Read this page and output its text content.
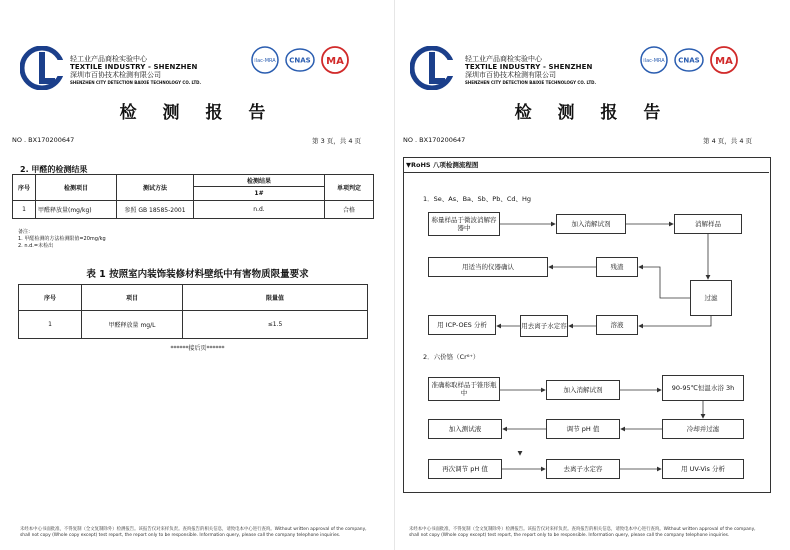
轻工业产品商检实验中心
TEXTILE INDUSTRY - SHENZHEN
深圳市百协技术检测有限公司
SHENZHEN CITY DETECTION BAIXIE TECHNOLOGY CO. LTD.
ilac-MRA CNAS MA
检 测 报 告
NO . BX170200647	第 3 页，共 4 页
2. 甲醛的检测结果
序号	检测项目	测试方法	检测结果	单项判定
			1#	
1	甲醛释放量(mg/kg)	参照 GB 18585-2001	n.d.	合格
备注：
1. 甲醛检测的方法检测限值=20mg/kg
2. n.d.=未检出
表 1 按照室内装饰装修材料壁纸中有害物质限量要求
序号	项目	限量值
1	甲醛释放量 mg/L	≤1.5
******接后页******
未经本中心书面批准，不得复制（全文复制除外）检测报告。该报告仅对来样负责。查询报告的相关信息，请致电本中心进行查询。Without written approval of the company, shall not copy (Whole copy except) test report, the report only to be responsible. Information query, please call the company telephone inquiries.
轻工业产品商检实验中心
TEXTILE INDUSTRY - SHENZHEN
深圳市百协技术检测有限公司
SHENZHEN CITY DETECTION BAIXIE TECHNOLOGY CO. LTD.
ilac-MRA CNAS MA
检 测 报 告
NO . BX170200647	第 4 页，共 4 页
未经本中心书面批准，不得复制（全文复制除外）检测报告。该报告仅对来样负责。查询报告的相关信息，请致电本中心进行查询。Without written approval of the company, shall not copy (Whole copy except) test report, the report only to be responsible. Information query, please call the company telephone inquiries.
▼RoHS 八项检测流程图
1．Se、As、Ba、Sb、Pb、Cd、Hg
称量样品于微波消解容器中	加入消解试剂	消解样品
用适当的仪器确认	残渣
过滤
用 ICP-OES 分析	用去离子水定容	溶液
2．六价铬（Cr⁶⁺）
准确称取样品于锥形瓶中	加入消解试剂	90-95℃恒温水浴 3h
加入测试液	调节 pH 值	冷却并过滤
再次调节 pH 值	去离子水定容	用 UV-Vis 分析
